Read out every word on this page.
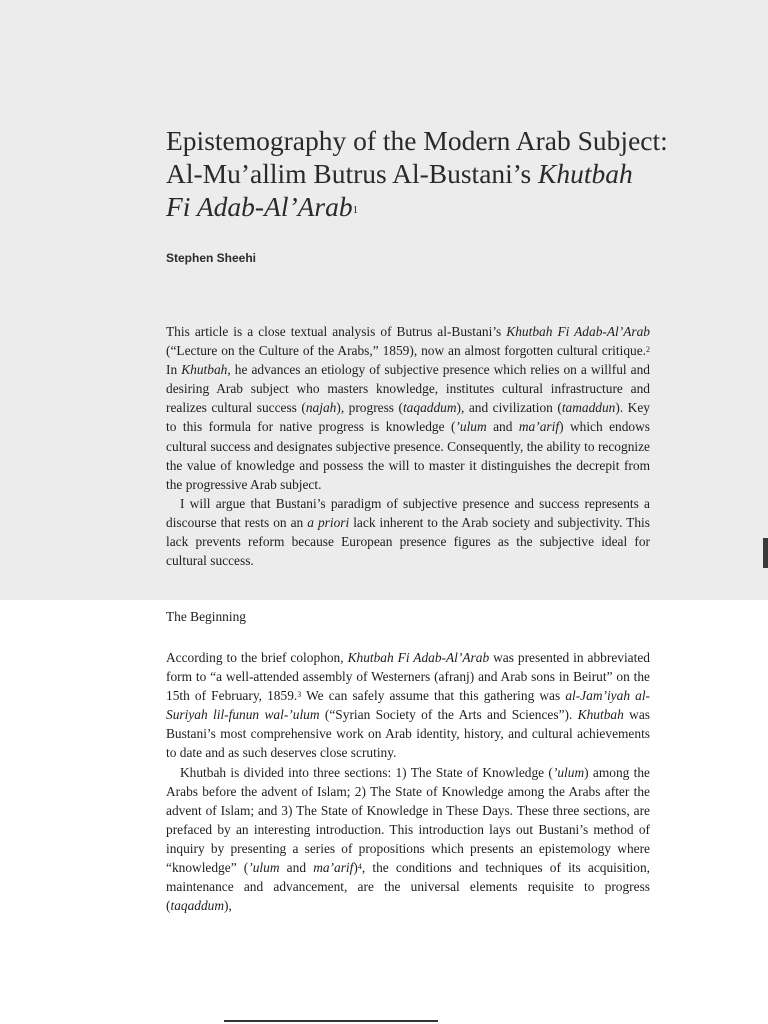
Epistemography of the Modern Arab Subject:
Al-Mu’allim Butrus Al-Bustani’s Khutbah
Fi Adab-Al’Arab$^1$
Stephen Sheehi

This article is a close textual analysis of Butrus al-Bustani’s Khutbah Fi Adab-Al’Arab (“Lecture on the Culture of the Arabs,” 1859), now an almost forgotten cultural critique.$^2$ In Khutbah, he advances an etiology of subjective presence which relies on a willful and desiring Arab subject who masters knowledge, institutes cultural infrastructure and realizes cultural success (najah), progress (taqaddum), and civilization (tamaddun). Key to this formula for native progress is knowledge (’ulum and ma’arif) which endows cultural success and designates subjective presence. Consequently, the ability to recognize the value of knowledge and possess the will to master it distinguishes the decrepit from the progressive Arab subject.

I will argue that Bustani’s paradigm of subjective presence and success represents a discourse that rests on an a priori lack inherent to the Arab society and subjectivity. This lack prevents reform because European presence figures as the subjective ideal for cultural success.

The Beginning

According to the brief colophon, Khutbah Fi Adab-Al’Arab was presented in abbreviated form to “a well-attended assembly of Westerners (afranj) and Arab sons in Beirut” on the 15th of February, 1859.$^3$ We can safely assume that this gathering was al-Jam’iyah al-Suriyah lil-funun wal-’ulum (“Syrian Society of the Arts and Sciences”). Khutbah was Bustani’s most comprehensive work on Arab identity, history, and cultural achievements to date and as such deserves close scrutiny.

Khutbah is divided into three sections: 1) The State of Knowledge (’ulum) among the Arabs before the advent of Islam; 2) The State of Knowledge among the Arabs after the advent of Islam; and 3) The State of Knowledge in These Days. These three sections, are prefaced by an interesting introduction. This introduction lays out Bustani’s method of inquiry by presenting a series of propositions which presents an epistemology where “knowledge” (’ulum and ma’arif)$^4$, the conditions and techniques of its acquisition, maintenance and advancement, are the universal elements requisite to progress (taqaddum),
